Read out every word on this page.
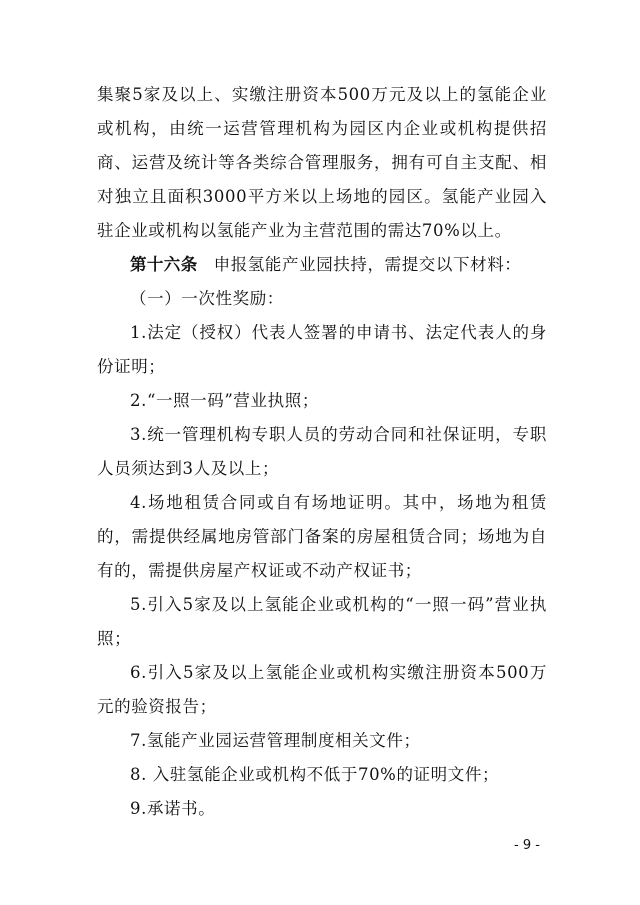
集聚5家及以上、实缴注册资本500万元及以上的氢能企业或机构，由统一运营管理机构为园区内企业或机构提供招商、运营及统计等各类综合管理服务，拥有可自主支配、相对独立且面积3000平方米以上场地的园区。氢能产业园入驻企业或机构以氢能产业为主营范围的需达70%以上。

第十六条 申报氢能产业园扶持，需提交以下材料：

（一）一次性奖励：

1.法定（授权）代表人签署的申请书、法定代表人的身份证明；

2.“一照一码”营业执照；

3.统一管理机构专职人员的劳动合同和社保证明，专职人员须达到3人及以上；

4.场地租赁合同或自有场地证明。其中，场地为租赁的，需提供经属地房管部门备案的房屋租赁合同；场地为自有的，需提供房屋产权证或不动产权证书；

5.引入5家及以上氢能企业或机构的“一照一码”营业执照；

6.引入5家及以上氢能企业或机构实缴注册资本500万元的验资报告；

7.氢能产业园运营管理制度相关文件；

8. 入驻氢能企业或机构不低于70%的证明文件；

9.承诺书。

- 9 -
